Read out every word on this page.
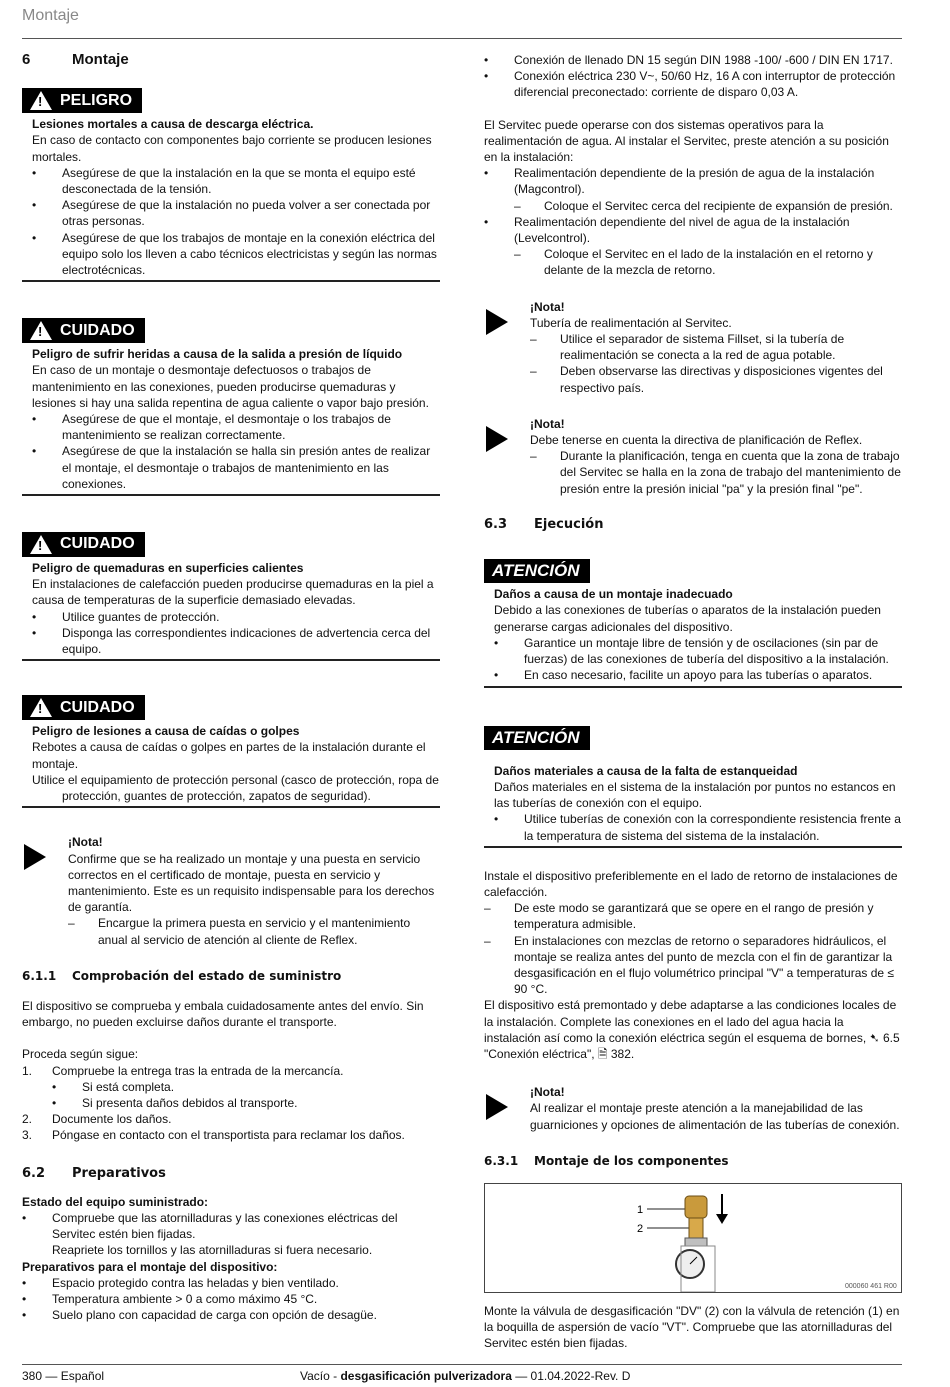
Montaje
6	Montaje
! PELIGRO

Lesiones mortales a causa de descarga eléctrica.

En caso de contacto con componentes bajo corriente se producen lesiones mortales.

•	Asegúrese de que la instalación en la que se monta el equipo esté desconectada de la tensión.
•	Asegúrese de que la instalación no pueda volver a ser conectada por otras personas.
•	Asegúrese de que los trabajos de montaje en la conexión eléctrica del equipo solo los lleven a cabo técnicos electricistas y según las normas electrotécnicas.
! CUIDADO

Peligro de sufrir heridas a causa de la salida a presión de líquido

En caso de un montaje o desmontaje defectuosos o trabajos de mantenimiento en las conexiones, pueden producirse quemaduras y lesiones si hay una salida repentina de agua caliente o vapor bajo presión.

•	Asegúrese de que el montaje, el desmontaje o los trabajos de mantenimiento se realizan correctamente.
•	Asegúrese de que la instalación se halla sin presión antes de realizar el montaje, el desmontaje o trabajos de mantenimiento en las conexiones.
! CUIDADO

Peligro de quemaduras en superficies calientes

En instalaciones de calefacción pueden producirse quemaduras en la piel a causa de temperaturas de la superficie demasiado elevadas.

•	Utilice guantes de protección.
•	Disponga las correspondientes indicaciones de advertencia cerca del equipo.
! CUIDADO

Peligro de lesiones a causa de caídas o golpes

Rebotes a causa de caídas o golpes en partes de la instalación durante el montaje.

Utilice el equipamiento de protección personal (casco de protección, ropa de

protección, guantes de protección, zapatos de seguridad).

¡Nota!

Confirme que se ha realizado un montaje y una puesta en servicio correctos en el certificado de montaje, puesta en servicio y mantenimiento. Este es un requisito indispensable para los derechos de garantía.

–	Encargue la primera puesta en servicio y el mantenimiento anual al servicio de atención al cliente de Reflex.
6.1.1 Comprobación del estado de suministro

El dispositivo se comprueba y embala cuidadosamente antes del envío. Sin embargo, no pueden excluirse daños durante el transporte.

Proceda según sigue:

1.	Compruebe la entrega tras la entrada de la mercancía.
• Si está completa.
• Si presenta daños debidos al transporte.
2.	Documente los daños.
3.	Póngase en contacto con el transportista para reclamar los daños.
6.2 Preparativos

Estado del equipo suministrado:

•	Compruebe que las atornilladuras y las conexiones eléctricas del Servitec estén bien fijadas.

Reapriete los tornillos y las atornilladuras si fuera necesario.

Preparativos para el montaje del dispositivo:

•	Espacio protegido contra las heladas y bien ventilado.
•	Temperatura ambiente > 0 a como máximo 45 °C.
•	Suelo plano con capacidad de carga con opción de desagüe.
•	Conexión de llenado DN 15 según DIN 1988 -100/ -600 / DIN EN 1717.
•	Conexión eléctrica 230 V~, 50/60 Hz, 16 A con interruptor de protección diferencial preconectado: corriente de disparo 0,03 A.

El Servitec puede operarse con dos sistemas operativos para la realimentación de agua. Al instalar el Servitec, preste atención a su posición en la instalación:

•	Realimentación dependiente de la presión de agua de la instalación (Magcontrol).
– Coloque el Servitec cerca del recipiente de expansión de presión.
•	Realimentación dependiente del nivel de agua de la instalación (Levelcontrol).
– Coloque el Servitec en el lado de la instalación en el retorno y delante de la mezcla de retorno.

¡Nota!

Tubería de realimentación al Servitec.

–	Utilice el separador de sistema Fillset, si la tubería de realimentación se conecta a la red de agua potable.
–	Deben observarse las directivas y disposiciones vigentes del respectivo país.

¡Nota!

Debe tenerse en cuenta la directiva de planificación de Reflex.

–	Durante la planificación, tenga en cuenta que la zona de trabajo del Servitec se halla en la zona de trabajo del mantenimiento de presión entre la presión inicial "pa" y la presión final "pe".
6.3 Ejecución
ATENCIÓN

Daños a causa de un montaje inadecuado

Debido a las conexiones de tuberías o aparatos de la instalación pueden generarse cargas adicionales del dispositivo.

•	Garantice un montaje libre de tensión y de oscilaciones (sin par de fuerzas) de las conexiones de tubería del dispositivo a la instalación.
•	En caso necesario, facilite un apoyo para las tuberías o aparatos.
ATENCIÓN

Daños materiales a causa de la falta de estanqueidad

Daños materiales en el sistema de la instalación por puntos no estancos en las tuberías de conexión con el equipo.

•	Utilice tuberías de conexión con la correspondiente resistencia frente a la temperatura de sistema del sistema de la instalación.

Instale el dispositivo preferiblemente en el lado de retorno de instalaciones de calefacción.

–	De este modo se garantizará que se opere en el rango de presión y temperatura admisible.
–	En instalaciones con mezclas de retorno o separadores hidráulicos, el montaje se realiza antes del punto de mezcla con el fin de garantizar la desgasificación en el flujo volumétrico principal "V" a temperaturas de ≤ 90 °C.

El dispositivo está premontado y debe adaptarse a las condiciones locales de la instalación. Complete las conexiones en el lado del agua hacia la instalación así como la conexión eléctrica según el esquema de bornes, ➷ 6.5 "Conexión eléctrica", 🗎 382.

¡Nota!

Al realizar el montaje preste atención a la manejabilidad de las guarniciones y opciones de alimentación de las tuberías de conexión.

6.3.1 Montaje de los componentes
1
2
000060 461 R00

Monte la válvula de desgasificación "DV" (2) con la válvula de retención (1) en la boquilla de aspersión de vacío "VT". Compruebe que las atornilladuras del Servitec estén bien fijadas.

380 — Español	Vacío - desgasificación pulverizadora — 01.04.2022-Rev. D
